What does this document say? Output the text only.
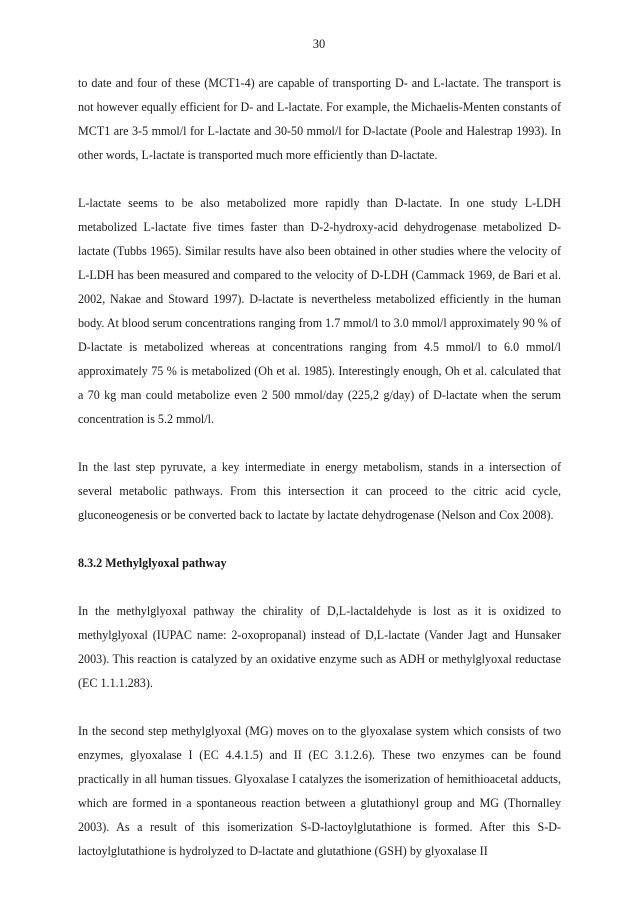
30

to date and four of these (MCT1-4) are capable of transporting D- and L-lactate. The transport is not however equally efficient for D- and L-lactate. For example, the Michaelis-Menten constants of MCT1 are 3-5 mmol/l for L-lactate and 30-50 mmol/l for D-lactate (Poole and Halestrap 1993). In other words, L-lactate is transported much more efficiently than D-lactate.

L-lactate seems to be also metabolized more rapidly than D-lactate. In one study L-LDH metabolized L-lactate five times faster than D-2-hydroxy-acid dehydrogenase metabolized D-lactate (Tubbs 1965). Similar results have also been obtained in other studies where the velocity of L-LDH has been measured and compared to the velocity of D-LDH (Cammack 1969, de Bari et al. 2002, Nakae and Stoward 1997). D-lactate is nevertheless metabolized efficiently in the human body. At blood serum concentrations ranging from 1.7 mmol/l to 3.0 mmol/l approximately 90 % of D-lactate is metabolized whereas at concentrations ranging from 4.5 mmol/l to 6.0 mmol/l approximately 75 % is metabolized (Oh et al. 1985). Interestingly enough, Oh et al. calculated that a 70 kg man could metabolize even 2 500 mmol/day (225,2 g/day) of D-lactate when the serum concentration is 5.2 mmol/l.

In the last step pyruvate, a key intermediate in energy metabolism, stands in a intersection of several metabolic pathways. From this intersection it can proceed to the citric acid cycle, gluconeogenesis or be converted back to lactate by lactate dehydrogenase (Nelson and Cox 2008).

8.3.2 Methylglyoxal pathway

In the methylglyoxal pathway the chirality of D,L-lactaldehyde is lost as it is oxidized to methylglyoxal (IUPAC name: 2-oxopropanal) instead of D,L-lactate (Vander Jagt and Hunsaker 2003). This reaction is catalyzed by an oxidative enzyme such as ADH or methylglyoxal reductase (EC 1.1.1.283).

In the second step methylglyoxal (MG) moves on to the glyoxalase system which consists of two enzymes, glyoxalase I (EC 4.4.1.5) and II (EC 3.1.2.6). These two enzymes can be found practically in all human tissues. Glyoxalase I catalyzes the isomerization of hemithioacetal adducts, which are formed in a spontaneous reaction between a glutathionyl group and MG (Thornalley 2003). As a result of this isomerization S-D-lactoylglutathione is formed. After this S-D-lactoylglutathione is hydrolyzed to D-lactate and glutathione (GSH) by glyoxalase II
